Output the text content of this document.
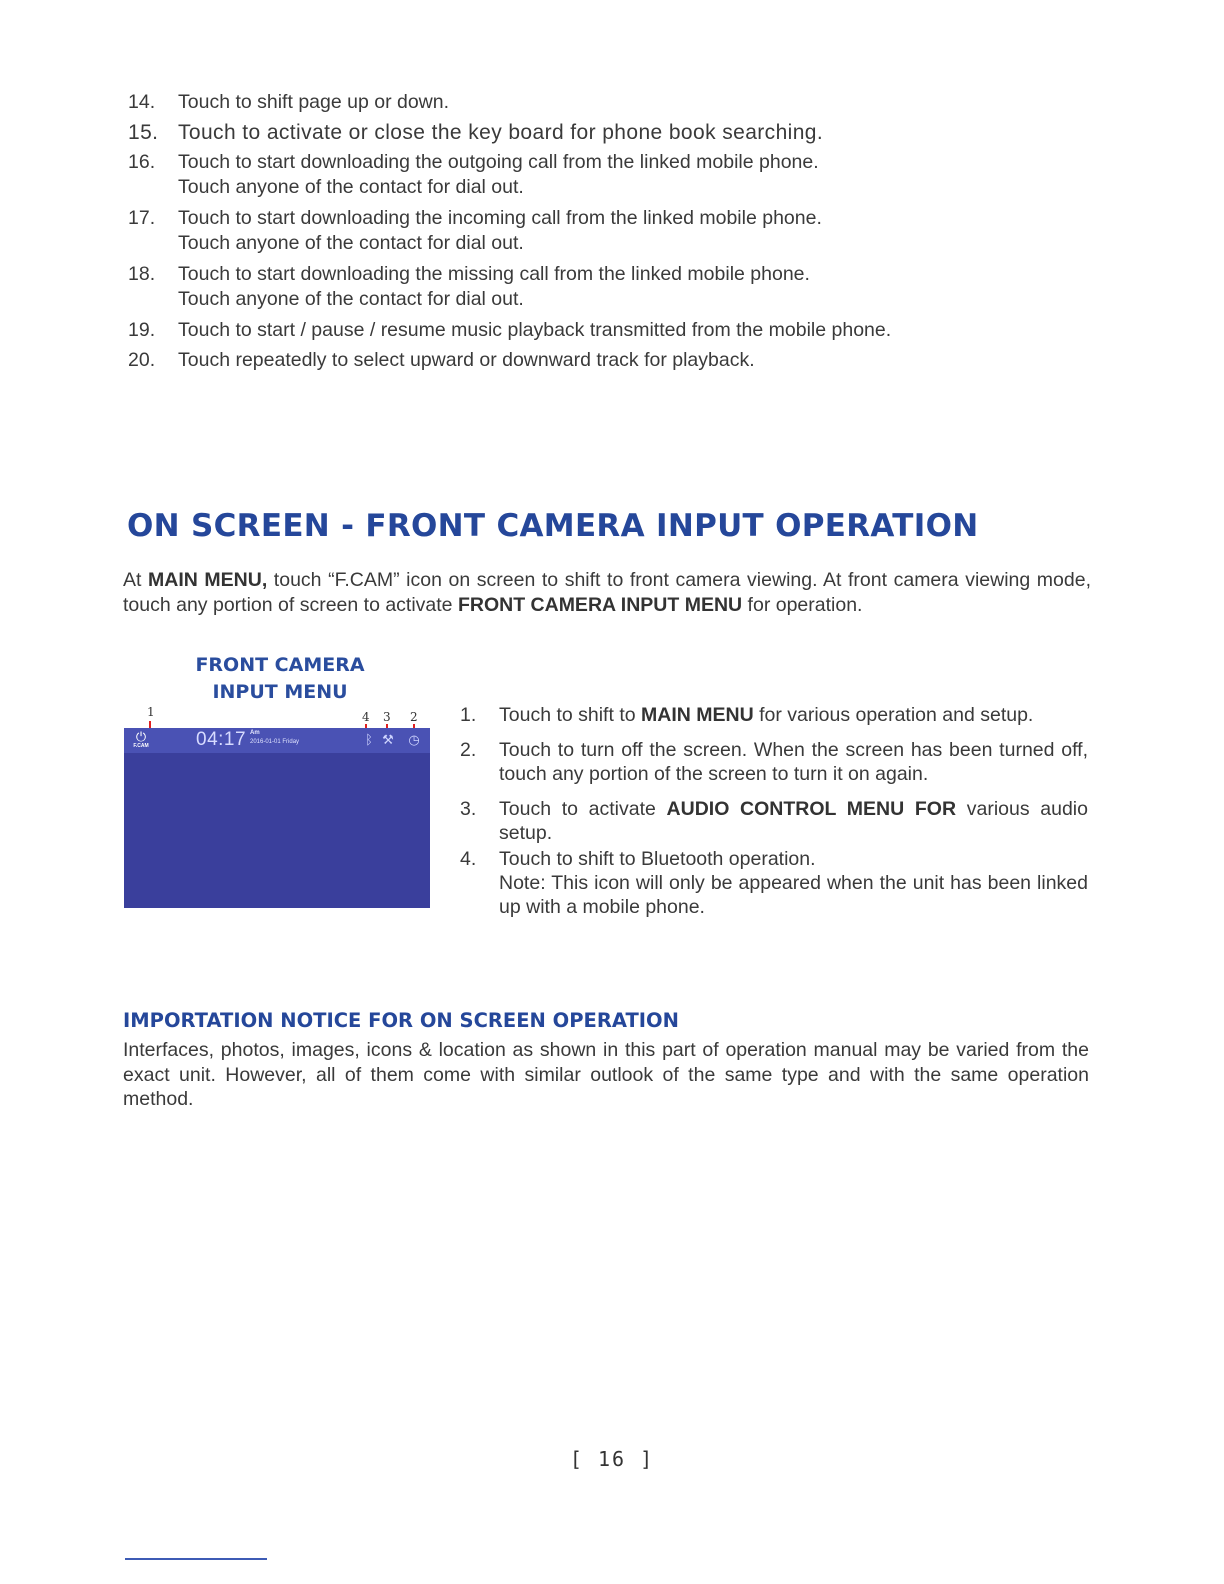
14. Touch to shift page up or down.
15. Touch to activate or close the key board for phone book searching.
16. Touch to start downloading the outgoing call from the linked mobile phone.
Touch anyone of the contact for dial out.
17. Touch to start downloading the incoming call from the linked mobile phone.
Touch anyone of the contact for dial out.
18. Touch to start downloading the missing call from the linked mobile phone.
Touch anyone of the contact for dial out.
19. Touch to start / pause / resume music playback transmitted from the mobile phone.
20. Touch repeatedly to select upward or downward track for playback.
ON SCREEN - FRONT CAMERA INPUT OPERATION

At MAIN MENU, touch “F.CAM” icon on screen to shift to front camera viewing. At front camera viewing mode, touch any portion of screen to activate FRONT CAMERA INPUT MENU for operation.

FRONT CAMERA
INPUT MENU
1	4 3 2
⏻
F.CAM 04:17 Am
2016-01-01 Friday	ᛒ ⚒ ◷
1. Touch to shift to MAIN MENU for various operation and setup.
2. Touch to turn off the screen. When the screen has been turned off, touch any portion of the screen to turn it on again.
3. Touch to activate AUDIO CONTROL MENU FOR various audio setup.
4. Touch to shift to Bluetooth operation.
Note: This icon will only be appeared when the unit has been linked up with a mobile phone.
IMPORTATION NOTICE FOR ON SCREEN OPERATION

Interfaces, photos, images, icons & location as shown in this part of operation manual may be varied from the exact unit. However, all of them come with similar outlook of the same type and with the same operation method.

[ 16 ]
